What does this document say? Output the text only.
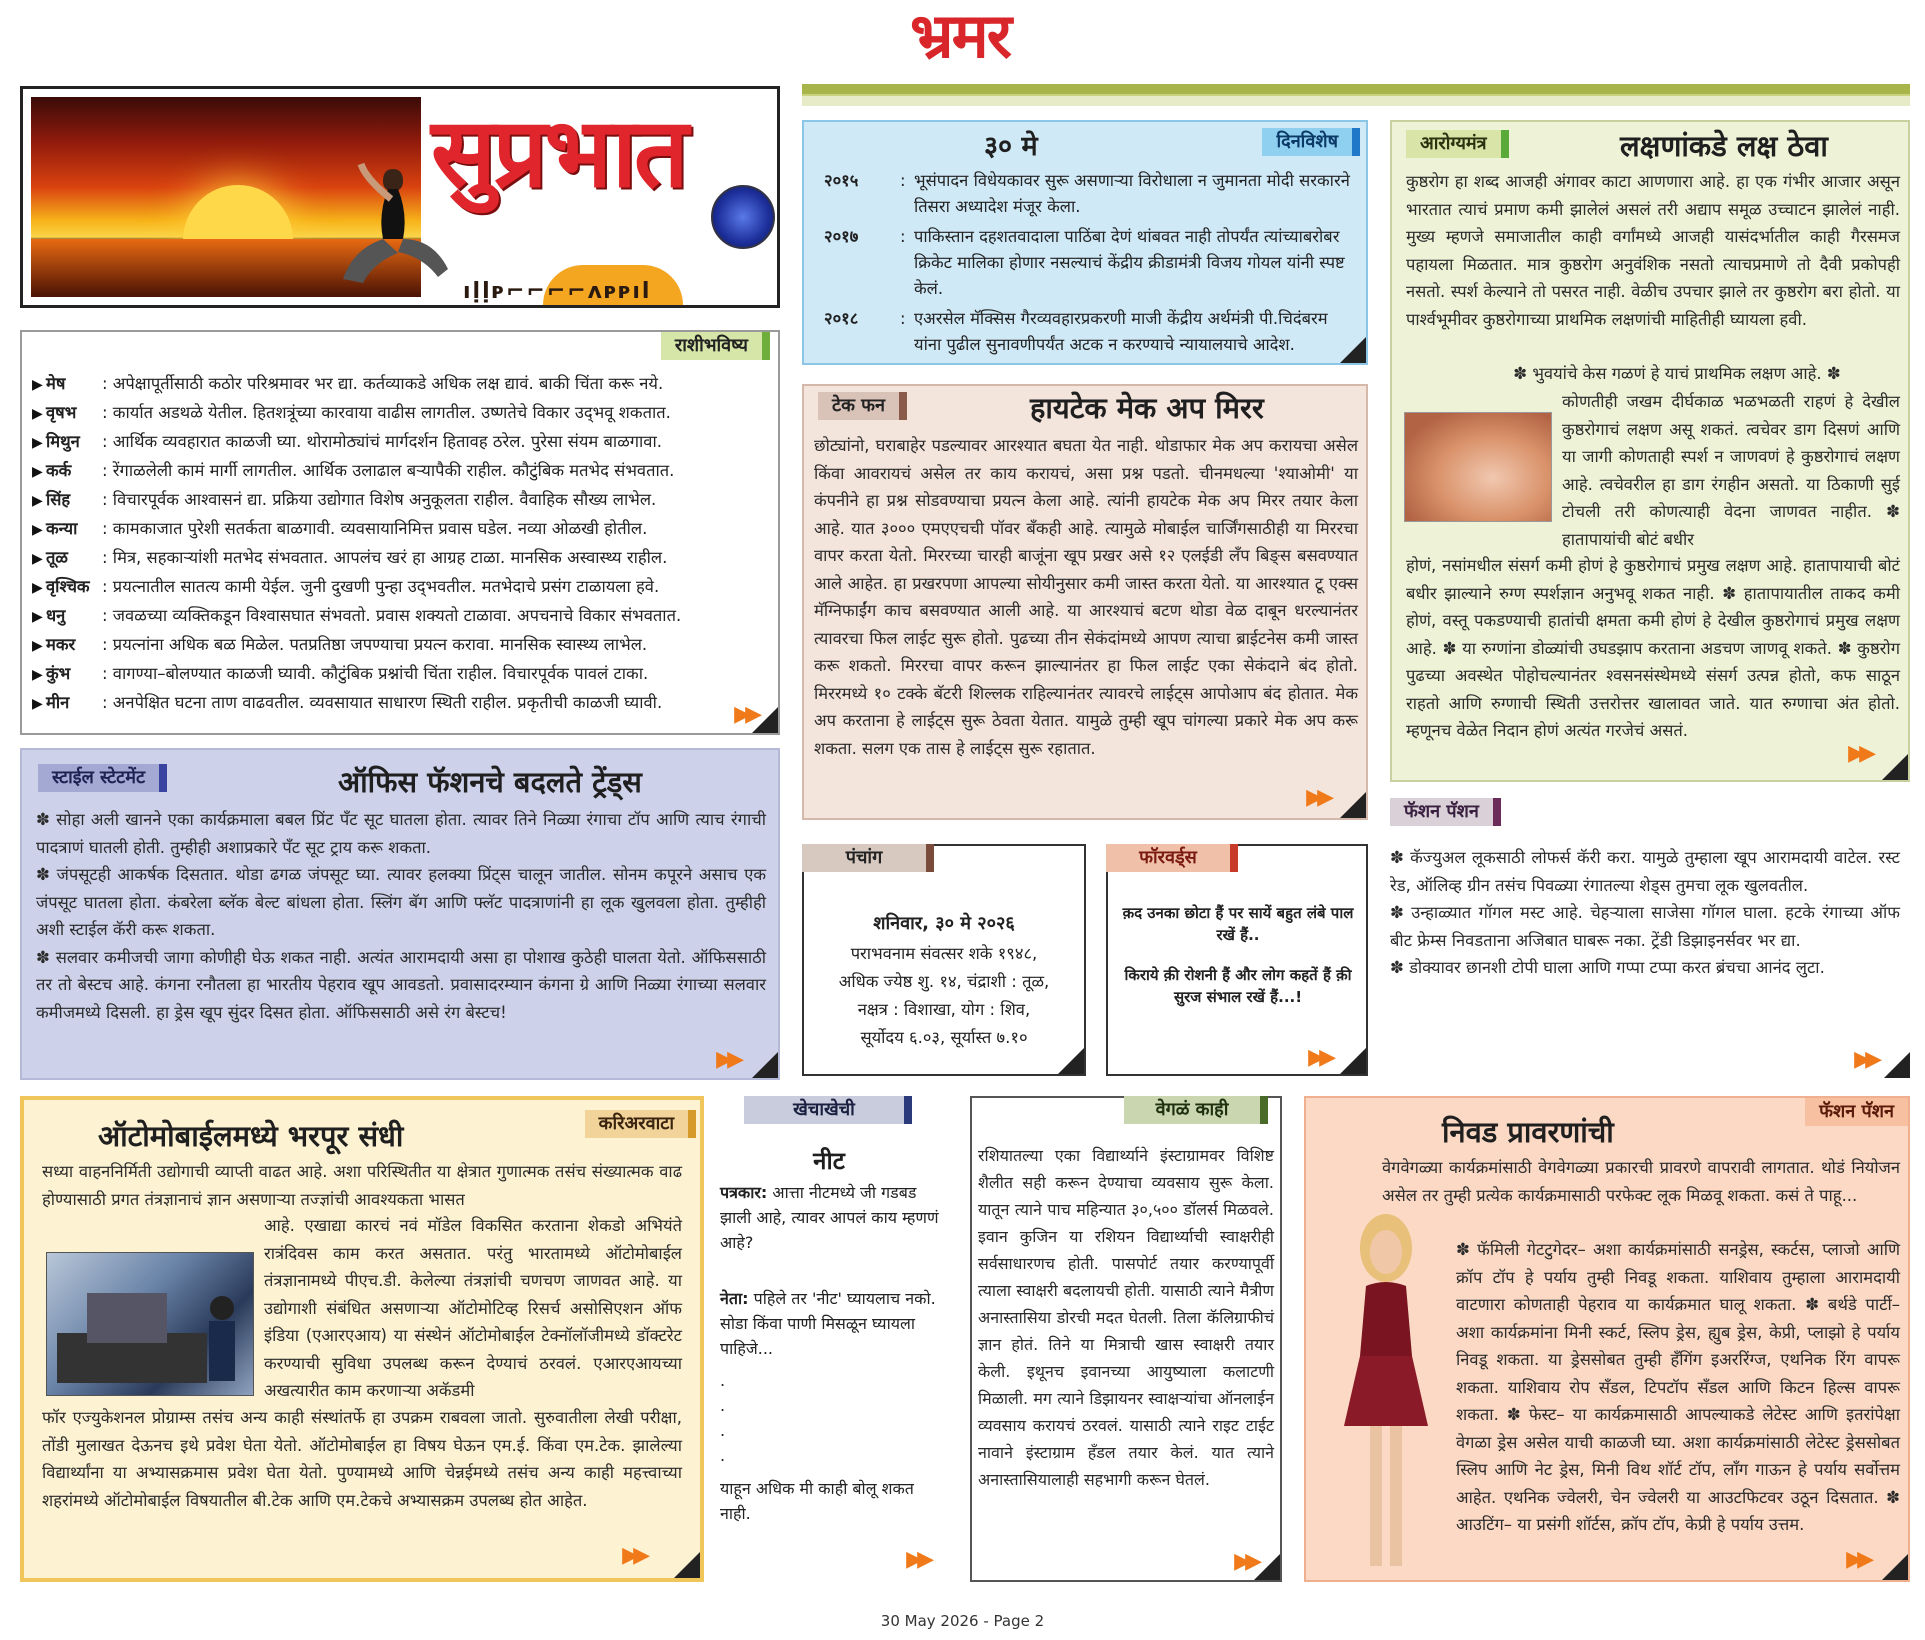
भ्रमर
सुप्रभात
ıḷḷᴘ⌐⌐⌐⌐ᴧᴘᴘıl
राशीभविष्य
▶ मेष : अपेक्षापूर्तीसाठी कठोर परिश्रमावर भर द्या. कर्तव्याकडे अधिक लक्ष द्यावं. बाकी चिंता करू नये.
▶ वृषभ : कार्यात अडथळे येतील. हितशत्रूंच्या कारवाया वाढीस लागतील. उष्णतेचे विकार उद्‍भवू शकतात.
▶ मिथुन : आर्थिक व्यवहारात काळजी घ्या. थोरामोठ्यांचं मार्गदर्शन हितावह ठरेल. पुरेसा संयम बाळगावा.
▶ कर्क : रेंगाळलेली कामं मार्गी लागतील. आर्थिक उलाढाल बऱ्यापैकी राहील. कौटुंबिक मतभेद संभवतात.
▶ सिंह : विचारपूर्वक आश्वासनं द्या. प्रक्रिया उद्योगात विशेष अनुकूलता राहील. वैवाहिक सौख्य लाभेल.
▶ कन्या : कामकाजात पुरेशी सतर्कता बाळगावी. व्यवसायानिमित्त प्रवास घडेल. नव्या ओळखी होतील.
▶ तूळ : मित्र, सहकाऱ्यांशी मतभेद संभवतात. आपलंच खरं हा आग्रह टाळा. मानसिक अस्वास्थ्य राहील.
▶ वृश्चिक : प्रयत्नातील सातत्य कामी येईल. जुनी दुखणी पुन्हा उद्‍भवतील. मतभेदाचे प्रसंग टाळायला हवे.
▶ धनु : जवळच्या व्यक्तिकडून विश्वासघात संभवतो. प्रवास शक्यतो टाळावा. अपचनाचे विकार संभवतात.
▶ मकर : प्रयत्नांना अधिक बळ मिळेल. पतप्रतिष्ठा जपण्याचा प्रयत्न करावा. मानसिक स्वास्थ्य लाभेल.
▶ कुंभ : वागण्या–बोलण्यात काळजी घ्यावी. कौटुंबिक प्रश्नांची चिंता राहील. विचारपूर्वक पावलं टाका.
▶ मीन : अनपेक्षित घटना ताण वाढवतील. व्यवसायात साधारण स्थिती राहील. प्रकृतीची काळजी घ्यावी.	▶▶
स्टाईल स्टेटमेंट	ऑफिस फॅशनचे बदलते ट्रेंड्स
✽ सोहा अली खानने एका कार्यक्रमाला बबल प्रिंट पँट सूट घातला होता. त्यावर तिने निळ्या रंगाचा टॉप आणि त्याच रंगाची पादत्राणं घातली होती. तुम्हीही अशाप्रकारे पँट सूट ट्राय करू शकता.
✽ जंपसूटही आकर्षक दिसतात. थोडा ढगळ जंपसूट घ्या. त्यावर हलक्या प्रिंट्स चालून जातील. सोनम कपूरने असाच एक जंपसूट घातला होता. कंबरेला ब्लॅक बेल्ट बांधला होता. स्लिंग बॅग आणि फ्लॅट पादत्राणांनी हा लूक खुलवला होता. तुम्हीही अशी स्टाईल कॅरी करू शकता.
✽ सलवार कमीजची जागा कोणीही घेऊ शकत नाही. अत्यंत आरामदायी असा हा पोशाख कुठेही घालता येतो. ऑफिससाठी तर तो बेस्टच आहे. कंगना रनौतला हा भारतीय पेहराव खूप आवडतो. प्रवासादरम्यान कंगना ग्रे आणि निळ्या रंगाच्या सलवार कमीजमध्ये दिसली. हा ड्रेस खूप सुंदर दिसत होता. ऑफिससाठी असे रंग बेस्टच!
▶▶
३० मे	दिनविशेष
२०१५	: भूसंपादन विधेयकावर सुरू असणाऱ्या विरोधाला न जुमानता मोदी सरकारने तिसरा अध्यादेश मंजूर केला.
२०१७	: पाकिस्तान दहशतवादाला पाठिंबा देणं थांबवत नाही तोपर्यंत त्यांच्याबरोबर क्रिकेट मालिका होणार नसल्याचं केंद्रीय क्रीडामंत्री विजय गोयल यांनी स्पष्ट केलं.
२०१८	: एअरसेल मॅक्सिस गैरव्यवहारप्रकरणी माजी केंद्रीय अर्थमंत्री पी.चिदंबरम यांना पुढील सुनावणीपर्यंत अटक न करण्याचे न्यायालयाचे आदेश.
टेक फन	हायटेक मेक अप मिरर
छोट्यांनो, घराबाहेर पडल्यावर आरश्यात बघता येत नाही. थोडाफार मेक अप करायचा असेल किंवा आवरायचं असेल तर काय करायचं, असा प्रश्न पडतो. चीनमधल्या 'श्याओमी' या कंपनीने हा प्रश्न सोडवण्याचा प्रयत्न केला आहे. त्यांनी हायटेक मेक अप मिरर तयार केला आहे. यात ३००० एमएएचची पॉवर बँकही आहे. त्यामुळे मोबाईल चार्जिंगसाठीही या मिररचा वापर करता येतो. मिररच्या चारही बाजूंना खूप प्रखर असे १२ एलईडी लँप बिङ्स बसवण्यात आले आहेत. हा प्रखरपणा आपल्या सोयीनुसार कमी जास्त करता येतो. या आरश्यात टू एक्स मॅग्निफाईंग काच बसवण्यात आली आहे. या आरश्याचं बटण थोडा वेळ दाबून धरल्यानंतर त्यावरचा फिल लाईट सुरू होतो. पुढच्या तीन सेकंदांमध्ये आपण त्याचा ब्राईटनेस कमी जास्त करू शकतो. मिररचा वापर करून झाल्यानंतर हा फिल लाईट एका सेकंदाने बंद होतो. मिररमध्ये १० टक्के बॅटरी शिल्लक राहिल्यानंतर त्यावरचे लाईट्स आपोआप बंद होतात. मेक अप करताना हे लाईट्स सुरू ठेवता येतात. यामुळे तुम्ही खूप चांगल्या प्रकारे मेक अप करू शकता. सलग एक तास हे लाईट्स सुरू रहातात.
▶▶
आरोग्यमंत्र	लक्षणांकडे लक्ष ठेवा
कुष्ठरोग हा शब्द आजही अंगावर काटा आणणारा आहे. हा एक गंभीर आजार असून भारतात त्याचं प्रमाण कमी झालेलं असलं तरी अद्याप समूळ उच्चाटन झालेलं नाही. मुख्य म्हणजे समाजातील काही वर्गांमध्ये आजही यासंदर्भातील काही गैरसमज पहायला मिळतात. मात्र कुष्ठरोग अनुवंशिक नसतो त्याचप्रमाणे तो दैवी प्रकोपही नसतो. स्पर्श केल्याने तो पसरत नाही. वेळीच उपचार झाले तर कुष्ठरोग बरा होतो. या पार्श्वभूमीवर कुष्ठरोगाच्या प्राथमिक लक्षणांची माहितीही घ्यायला हवी.
✽ भुवयांचे केस गळणं हे याचं प्राथमिक लक्षण आहे. ✽
कोणतीही जखम दीर्घकाळ भळभळती राहणं हे देखील कुष्ठरोगाचं लक्षण असू शकतं. त्वचेवर डाग दिसणं आणि या जागी कोणताही स्पर्श न जाणवणं हे कुष्ठरोगाचं लक्षण आहे. त्वचेवरील हा डाग रंगहीन असतो. या ठिकाणी सुई टोचली तरी कोणत्याही वेदना जाणवत नाहीत. ✽ हातापायांची बोटं बधीर
होणं, नसांमधील संसर्ग कमी होणं हे कुष्ठरोगाचं प्रमुख लक्षण आहे. हातापायाची बोटं बधीर झाल्याने रुग्ण स्पर्शज्ञान अनुभवू शकत नाही. ✽ हातापायातील ताकद कमी होणं, वस्तू पकडण्याची हातांची क्षमता कमी होणं हे देखील कुष्ठरोगाचं प्रमुख लक्षण आहे. ✽ या रुग्णांना डोळ्यांची उघडझाप करताना अडचण जाणवू शकते. ✽ कुष्ठरोग पुढच्या अवस्थेत पोहोचल्यानंतर श्वसनसंस्थेमध्ये संसर्ग उत्पन्न होतो, कफ साठून राहतो आणि रुग्णाची स्थिती उत्तरोत्तर खालावत जाते. यात रुग्णाचा अंत होतो. म्हणूनच वेळेत निदान होणं अत्यंत गरजेचं असतं.
▶▶
पंचांग
शनिवार, ३० मे २०२६
पराभवनाम संवत्सर शके १९४८,
अधिक ज्येष्ठ शु. १४, चंद्राशी : तूळ,
नक्षत्र : विशाखा, योग : शिव,
सूर्योदय ६.०३, सूर्यास्त ७.१०
फॉरवर्ड्स
क़द उनका छोटा हैं पर सायें बहुत लंबे पाल रखें हैं..
किराये क़ी रोशनी हैं और लोग कहतें हैं क़ी सुरज संभाल रखें हैं...!
▶▶
फॅशन पॅशन
✽ कॅज्युअल लूकसाठी लोफर्स कॅरी करा. यामुळे तुम्हाला खूप आरामदायी वाटेल. रस्ट रेड, ऑलिव्ह ग्रीन तसंच पिवळ्या रंगातल्या शेड्स तुमचा लूक खुलवतील.
✽ उन्हाळ्यात गॉगल मस्ट आहे. चेहऱ्याला साजेसा गॉगल घाला. हटके रंगाच्या ऑफ बीट फ्रेम्स निवडताना अजिबात घाबरू नका. ट्रेंडी डिझाइनर्सवर भर द्या.
✽ डोक्यावर छानशी टोपी घाला आणि गप्पा टप्पा करत ब्रंचचा आनंद लुटा.
▶▶
ऑटोमोबाईलमध्ये भरपूर संधी	करिअरवाटा
सध्या वाहननिर्मिती उद्योगाची व्याप्ती वाढत आहे. अशा परिस्थितीत या क्षेत्रात गुणात्मक तसंच संख्यात्मक वाढ होण्यासाठी प्रगत तंत्रज्ञानाचं ज्ञान असणाऱ्या तज्ज्ञांची आवश्यकता भासत
आहे. एखाद्या कारचं नवं मॉडेल विकसित करताना शेकडो अभियंते रात्रंदिवस काम करत असतात. परंतु भारतामध्ये ऑटोमोबाईल तंत्रज्ञानामध्ये पीएच.डी. केलेल्या तंत्रज्ञांची चणचण जाणवत आहे. या उद्योगाशी संबंधित असणाऱ्या ऑटोमोटिव्ह रिसर्च असोसिएशन ऑफ इंडिया (एआरएआय) या संस्थेनं ऑटोमोबाईल टेक्नॉलॉजीमध्ये डॉक्टरेट करण्याची सुविधा उपलब्ध करून देण्याचं ठरवलं. एआरएआयच्या अखत्यारीत काम करणाऱ्या अकॅडमी
फॉर एज्युकेशनल प्रोग्राम्स तसंच अन्य काही संस्थांतर्फे हा उपक्रम राबवला जातो. सुरुवातीला लेखी परीक्षा, तोंडी मुलाखत देऊनच इथे प्रवेश घेता येतो. ऑटोमोबाईल हा विषय घेऊन एम.ई. किंवा एम.टेक. झालेल्या विद्यार्थ्यांना या अभ्यासक्रमास प्रवेश घेता येतो. पुण्यामध्ये आणि चेन्नईमध्ये तसंच अन्य काही महत्त्वाच्या शहरांमध्ये ऑटोमोबाईल विषयातील बी.टेक आणि एम.टेकचे अभ्यासक्रम उपलब्ध होत आहेत.
▶▶
खेचाखेची
नीट
पत्रकार: आत्ता नीटमध्ये जी गडबड झाली आहे, त्यावर आपलं काय म्हणणं आहे?
नेता: पहिले तर 'नीट' घ्यायलाच नको. सोडा किंवा पाणी मिसळून घ्यायला पाहिजे...
.
.
.
.
याहून अधिक मी काही बोलू शकत नाही.
▶▶
वेगळं काही
रशियातल्या एका विद्यार्थ्याने इंस्टाग्रामवर विशिष्ट शैलीत सही करून देण्याचा व्यवसाय सुरू केला. यातून त्याने पाच महिन्यात ३०,५०० डॉलर्स मिळवले. इवान कुजिन या रशियन विद्यार्थ्याची स्वाक्षरीही सर्वसाधारणच होती. पासपोर्ट तयार करण्यापूर्वी त्याला स्वाक्षरी बदलायची होती. यासाठी त्याने मैत्रीण अनास्तासिया डोरची मदत घेतली. तिला कॅलिग्राफीचं ज्ञान होतं. तिने या मित्राची खास स्वाक्षरी तयार केली. इथूनच इवानच्या आयुष्याला कलाटणी मिळाली. मग त्याने डिझायनर स्वाक्षऱ्यांचा ऑनलाईन व्यवसाय करायचं ठरवलं. यासाठी त्याने राइट टाईट नावाने इंस्टाग्राम हँडल तयार केलं. यात त्याने अनास्तासियालाही सहभागी करून घेतलं.
▶▶
निवड प्रावरणांची
फॅशन पॅशन
वेगवेगळ्या कार्यक्रमांसाठी वेगवेगळ्या प्रकारची प्रावरणे वापरावी लागतात. थोडं नियोजन असेल तर तुम्ही प्रत्येक कार्यक्रमासाठी परफेक्ट लूक मिळवू शकता. कसं ते पाहू...
✽ फॅमिली गेटटुगेदर– अशा कार्यक्रमांसाठी सनड्रेस, स्कर्टस, प्लाजो आणि क्रॉप टॉप हे पर्याय तुम्ही निवडू शकता. याशिवाय तुम्हाला आरामदायी वाटणारा कोणताही पेहराव या कार्यक्रमात घालू शकता. ✽ बर्थडे पार्टी– अशा कार्यक्रमांना मिनी स्कर्ट, स्लिप ड्रेस, ह्युब ड्रेस, केप्री, प्लाझो हे पर्याय निवडू शकता. या ड्रेससोबत तुम्ही हँगिंग इअररिंग्ज, एथनिक रिंग वापरू शकता. याशिवाय रोप सँडल, टिपटॉप सँडल आणि किटन हिल्स वापरू शकता. ✽ फेस्ट– या कार्यक्रमासाठी आपल्याकडे लेटेस्ट आणि इतरांपेक्षा वेगळा ड्रेस असेल याची काळजी घ्या. अशा कार्यक्रमांसाठी लेटेस्ट ड्रेससोबत स्लिप आणि नेट ड्रेस, मिनी विथ शॉर्ट टॉप, लाँग गाऊन हे पर्याय सर्वोत्तम आहेत. एथनिक ज्वेलरी, चेन ज्वेलरी या आउटफिटवर उठून दिसतात. ✽ आउटिंग– या प्रसंगी शॉर्टस, क्रॉप टॉप, केप्री हे पर्याय उत्तम.
▶▶
30 May 2026 - Page 2
